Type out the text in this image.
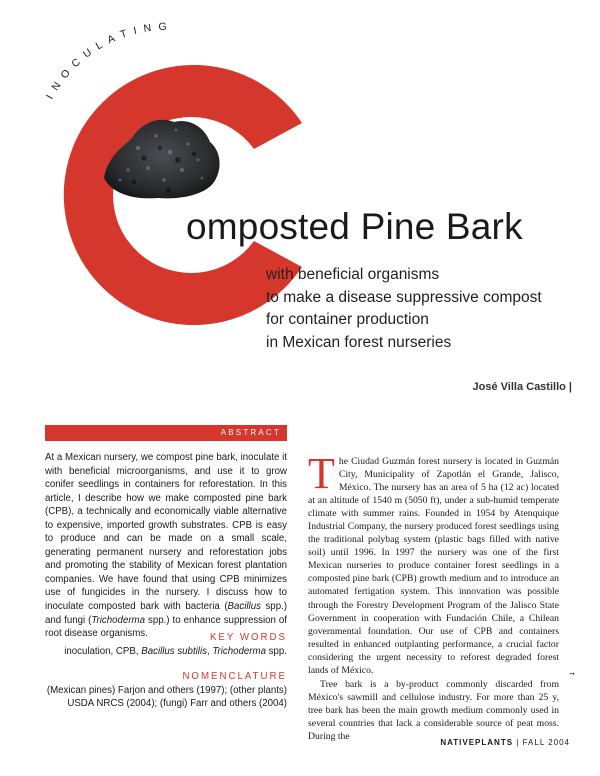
INOCULATING
omposted Pine Bark
with beneficial organisms
to make a disease suppressive compost
for container production
in Mexican forest nurseries
José Villa Castillo |
ABSTRACT

At a Mexican nursery, we compost pine bark, inoculate it with beneficial microorganisms, and use it to grow conifer seedlings in containers for reforestation. In this article, I describe how we make composted pine bark (CPB), a technically and economically viable alternative to expensive, imported growth substrates. CPB is easy to produce and can be made on a small scale, generating permanent nursery and reforestation jobs and promoting the stability of Mexican forest plantation companies. We have found that using CPB minimizes use of fungicides in the nursery. I discuss how to inoculate composted bark with bacteria (Bacillus spp.) and fungi (Trichoderma spp.) to enhance suppression of root disease organisms.	KEY WORDS
inoculation, CPB, Bacillus subtilis, Trichoderma spp.
NOMENCLATURE
(Mexican pines) Farjon and others (1997); (other plants)
USDA NRCS (2004); (fungi) Farr and others (2004)

The Ciudad Guzmán forest nursery is located in Guzmán City, Municipality of Zapotlán el Grande, Jalisco, México. The nursery has an area of 5 ha (12 ac) located at an altitude of 1540 m (5050 ft), under a sub-humid temperate climate with summer rains. Founded in 1954 by Atenquique Industrial Company, the nursery produced forest seedlings using the traditional polybag system (plastic bags filled with native soil) until 1996. In 1997 the nursery was one of the first Mexican nurseries to produce container forest seedlings in a composted pine bark (CPB) growth medium and to introduce an automated fertigation system. This innovation was possible through the Forestry Development Program of the Jalisco State Government in cooperation with Fundación Chile, a Chilean governmental foundation. Our use of CPB and containers resulted in enhanced outplanting performance, a crucial factor considering the urgent necessity to reforest degraded forest lands of México.

Tree bark is a by-product commonly discarded from México's sawmill and cellulose industry. For more than 25 y, tree bark has been the main growth medium commonly used in several countries that lack a considerable source of peat moss. During the

➞
NATIVEPLANTS | FALL 2004
